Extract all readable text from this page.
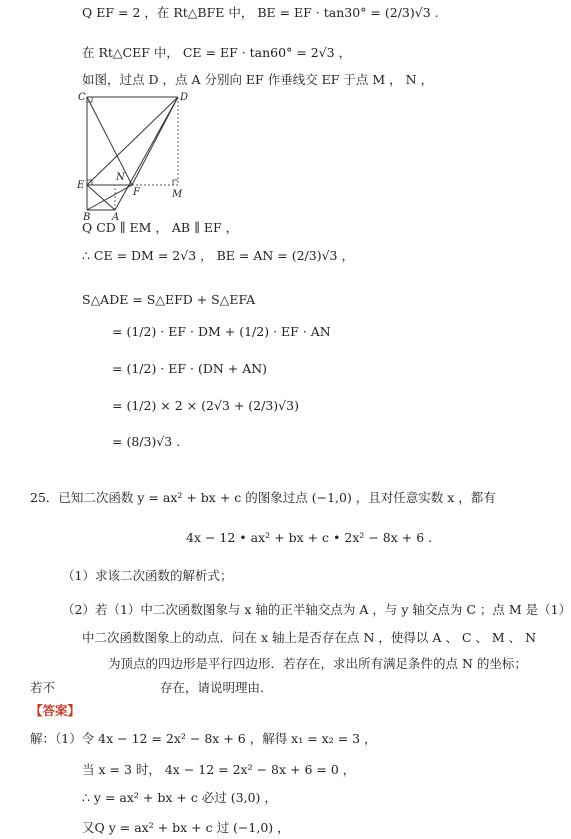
Q EF = 2 ，在 Rt△BFE 中， BE = EF · tan30° = (2/3)√3 .
在 Rt△CEF 中， CE = EF · tan60° = 2√3 ，
如图，过点 D ，点 A 分别向 EF 作垂线交 EF 于点 M ， N ，
C	D
E
N
F	M
B A
Q CD ∥ EM ， AB ∥ EF ，
∴ CE = DM = 2√3 ， BE = AN = (2/3)√3 ，
S△ADE = S△EFD + S△EFA
= (1/2) · EF · DM + (1/2) · EF · AN
= (1/2) · EF · (DN + AN)
= (1/2) × 2 × (2√3 + (2/3)√3)
= (8/3)√3 .
25．已知二次函数 y = ax² + bx + c 的图象过点 (−1,0) ，且对任意实数 x ，都有
4x − 12 • ax² + bx + c • 2x² − 8x + 6 .
（1）求该二次函数的解析式；
（2）若（1）中二次函数图象与 x 轴的正半轴交点为 A ，与 y 轴交点为 C ；点 M 是（1）
中二次函数图象上的动点．问在 x 轴上是否存在点 N ，使得以 A 、 C 、 M 、 N
为顶点的四边形是平行四边形．若存在，求出所有满足条件的点 N 的坐标；
若不	存在，请说明理由．
【答案】
解：（1）令 4x − 12 = 2x² − 8x + 6 ，解得 x₁ = x₂ = 3 ，
当 x = 3 时， 4x − 12 = 2x² − 8x + 6 = 0 ，
∴ y = ax² + bx + c 必过 (3,0) ，
又Q y = ax² + bx + c 过 (−1,0) ，
